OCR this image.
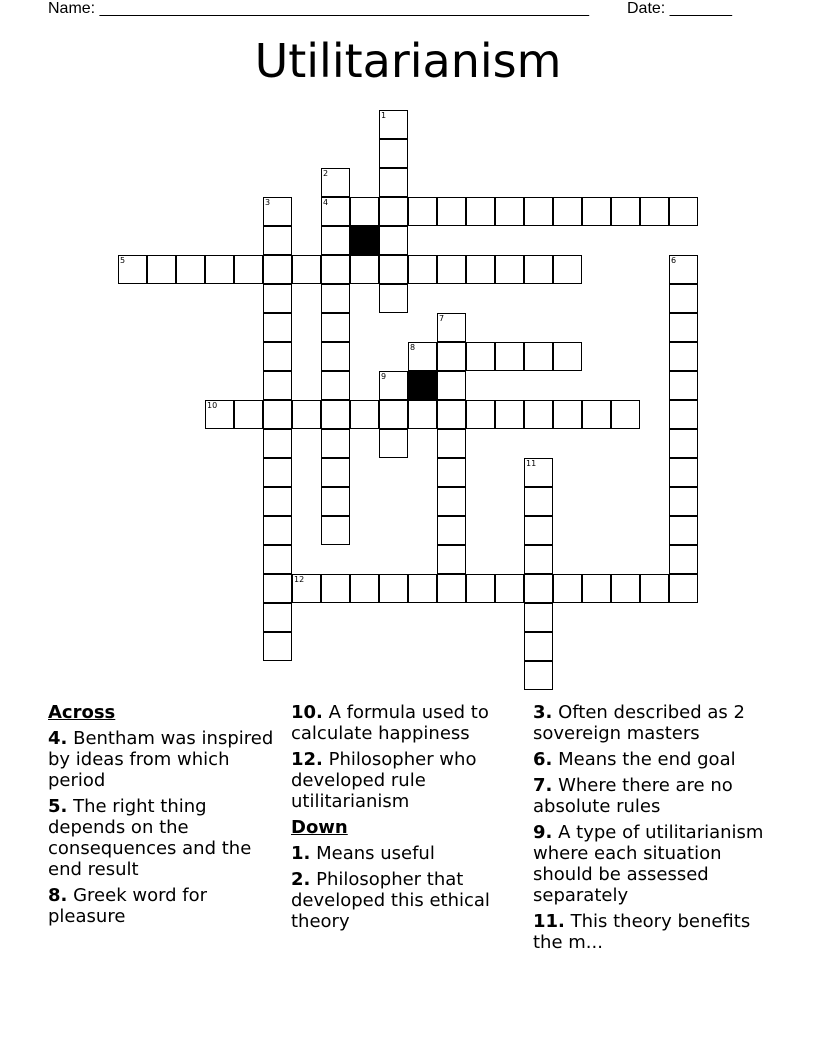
Name: _______________________________________________________ Date: _______
Utilitarianism
1
2
3	4
5	6
7
8
9
10
11
12
Across
4. Bentham was inspired by ideas from which period
5. The right thing depends on the consequences and the end result
8. Greek word for pleasure
10. A formula used to calculate happiness
12. Philosopher who developed rule utilitarianism
Down
1. Means useful
2. Philosopher that developed this ethical theory
3. Often described as 2 sovereign masters
6. Means the end goal
7. Where there are no absolute rules
9. A type of utilitarianism where each situation should be assessed separately
11. This theory benefits the m...
